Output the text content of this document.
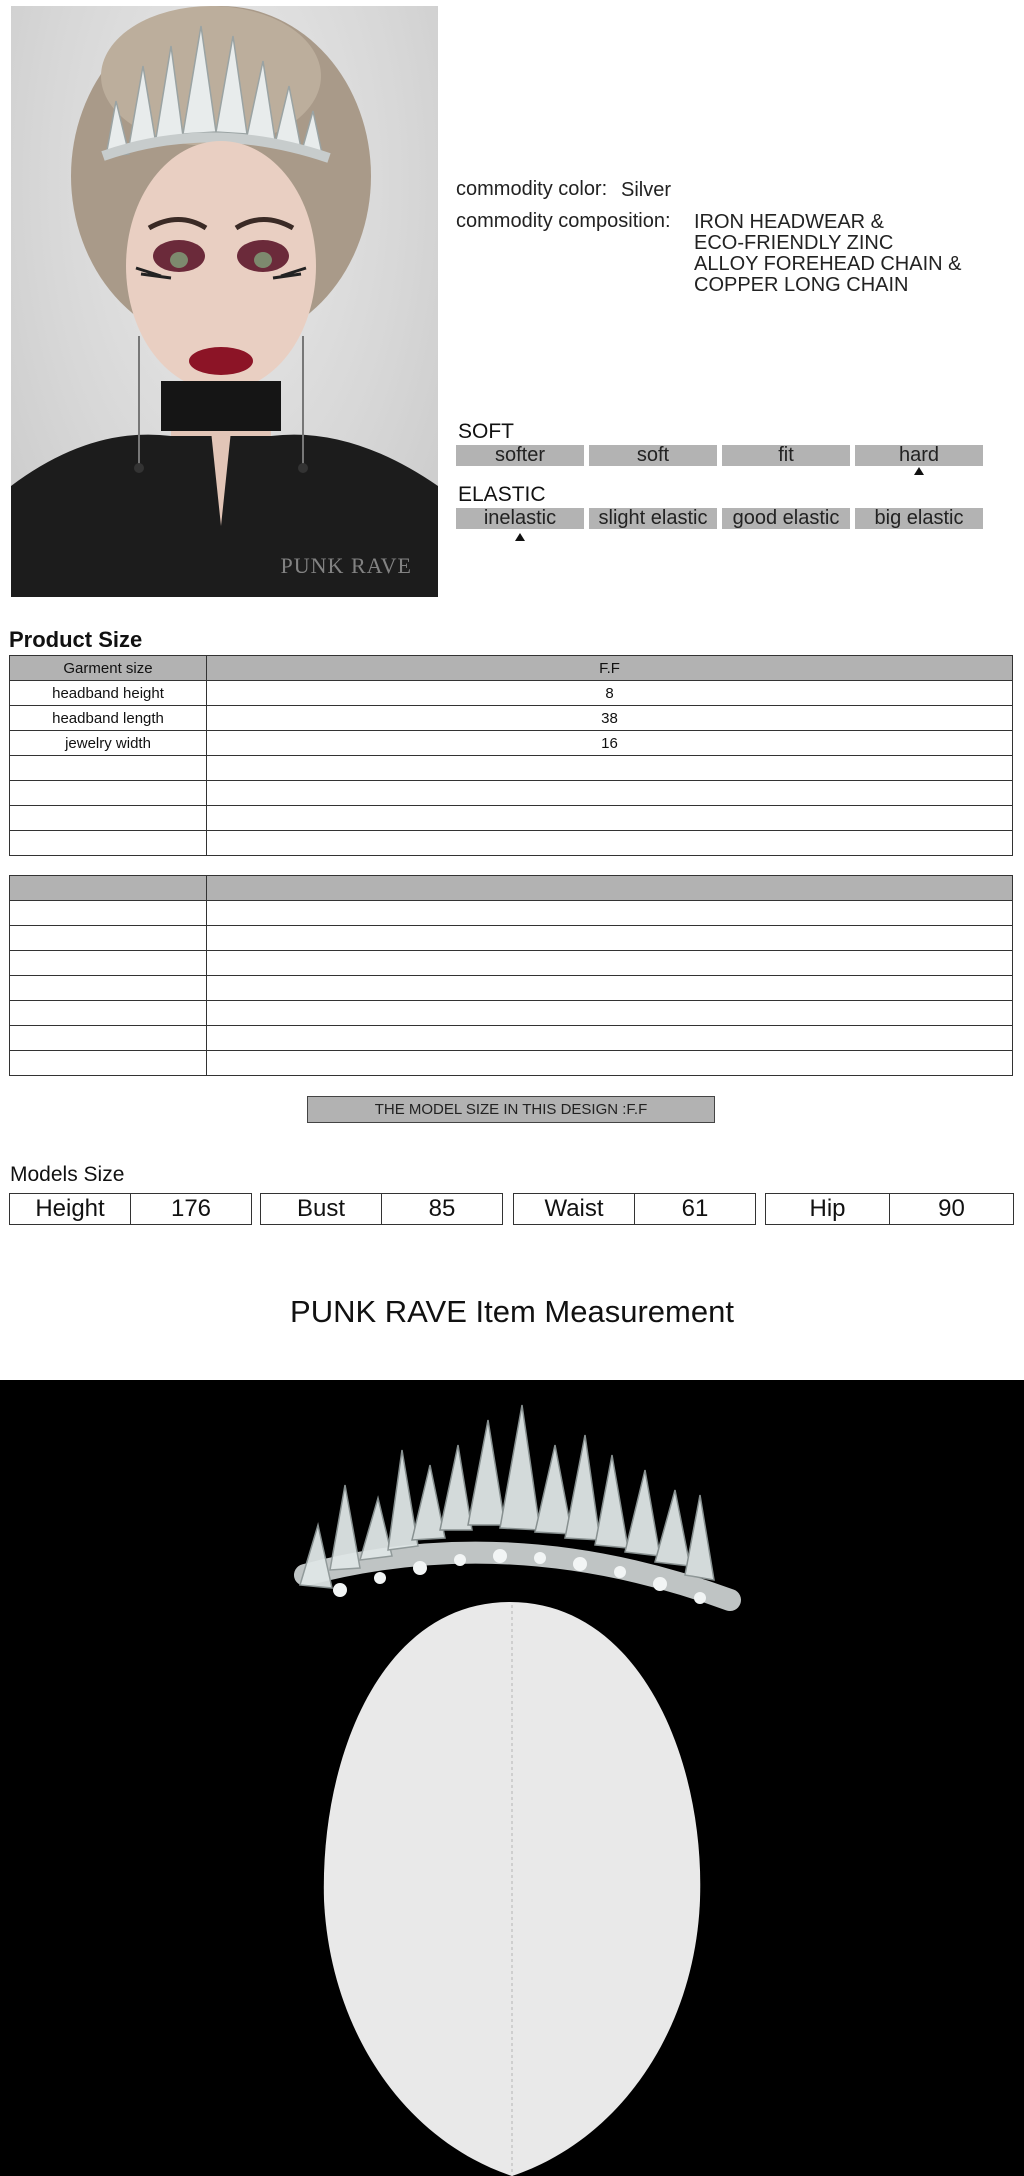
PUNK RAVE
commodity color: Silver
commodity composition: IRON HEADWEAR &
ECO-FRIENDLY ZINC
ALLOY FOREHEAD CHAIN &
COPPER LONG CHAIN
SOFT
softer	soft	fit	hard
ELASTIC
inelastic	slight elastic	good elastic	big elastic
Product Size
Garment size	F.F
headband height	8
headband length	38
jewelry width	16

THE MODEL SIZE IN THIS DESIGN :F.F
Models Size
Height	176	Bust	85	Waist	61	Hip	90
PUNK RAVE Item Measurement
